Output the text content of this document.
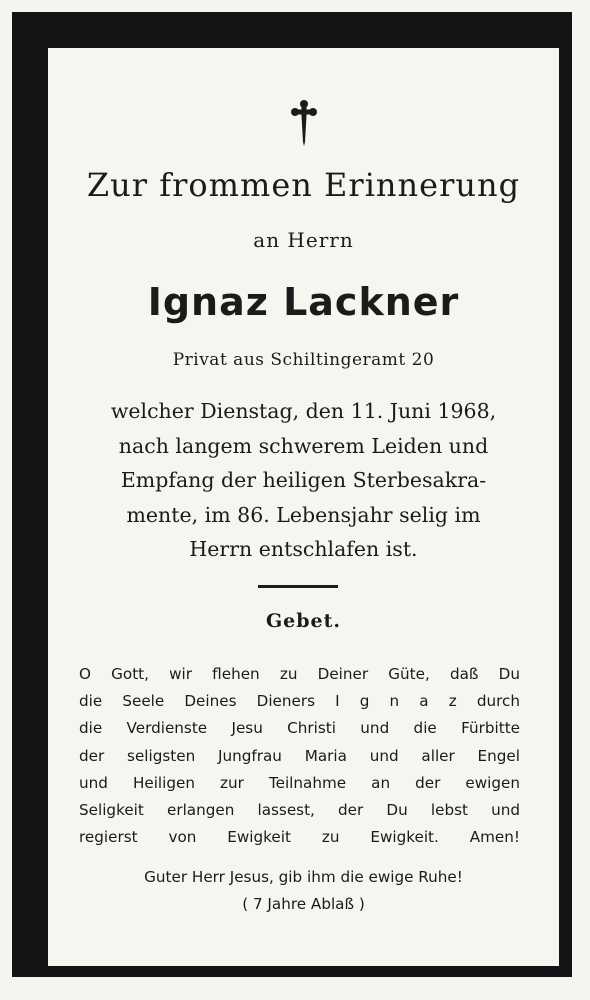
Zur frommen Erinnerung
an Herrn
Ignaz Lackner
Privat aus Schiltingeramt 20
welcher Dienstag, den 11. Juni 1968,
nach langem schwerem Leiden und
Empfang der heiligen Sterbesakra-
mente, im 86. Lebensjahr selig im
Herrn entschlafen ist.
Gebet.
O Gott, wir flehen zu Deiner Güte, daß Du
die Seele Deines Dieners I g n a z durch
die Verdienste Jesu Christi und die Fürbitte
der seligsten Jungfrau Maria und aller Engel
und Heiligen zur Teilnahme an der ewigen
Seligkeit erlangen lassest, der Du lebst und
regierst von Ewigkeit zu Ewigkeit. Amen!
Guter Herr Jesus, gib ihm die ewige Ruhe!
( 7 Jahre Ablaß )
